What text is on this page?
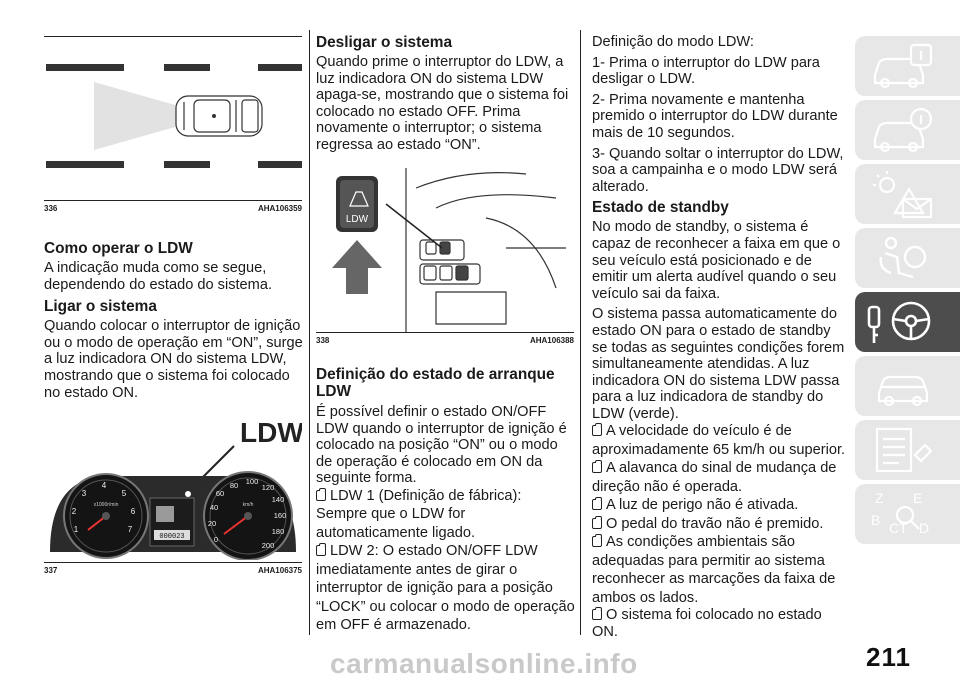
336	AHA106359
Como operar o LDW

A indicação muda como se segue, dependendo do estado do sistema.

Ligar o sistema

Quando colocar o interruptor de ignição ou o modo de operação em “ON”, surge a luz indicadora ON do sistema LDW, mostrando que o sistema foi colocado no estado ON.

LDW
1
2
3
4
5
6
7
x1000r/min
0
20
40
60
80 100
120
140
160
180
200
km/h
000023
337	AHA106375
Desligar o sistema

Quando prime o interruptor do LDW, a luz indicadora ON do sistema LDW apaga-se, mostrando que o sistema foi colocado no estado OFF. Prima novamente o interruptor; o sistema regressa ao estado “ON”.

LDW
338	AHA106388
Definição do estado de arranque LDW

É possível definir o estado ON/OFF LDW quando o interruptor de ignição é colocado na posição “ON” ou o modo de operação é colocado em ON da seguinte forma.

LDW 1 (Definição de fábrica): Sempre que o LDW for automaticamente ligado.

LDW 2: O estado ON/OFF LDW imediatamente antes de girar o interruptor de ignição para a posição “LOCK” ou colocar o modo de operação em OFF é armazenado.

Definição do modo LDW:

1- Prima o interruptor do LDW para desligar o LDW.

2- Prima novamente e mantenha premido o interruptor do LDW durante mais de 10 segundos.

3- Quando soltar o interruptor do LDW, soa a campainha e o modo LDW será alterado.

Estado de standby

No modo de standby, o sistema é capaz de reconhecer a faixa em que o seu veículo está posicionado e de emitir um alerta audível quando o seu veículo sai da faixa.

O sistema passa automaticamente do estado ON para o estado de standby se todas as seguintes condições forem simultaneamente atendidas. A luz indicadora ON do sistema LDW passa para a luz indicadora de standby do LDW (verde).

A velocidade do veículo é de aproximadamente 65 km/h ou superior.

A alavanca do sinal de mudança de direção não é operada.

A luz de perigo não é ativada.

O pedal do travão não é premido.

As condições ambientais são adequadas para permitir ao sistema reconhecer as marcações da faixa de ambos os lados.

O sistema foi colocado no estado ON.

Z E
B C T D
211
carmanualsonline.info
